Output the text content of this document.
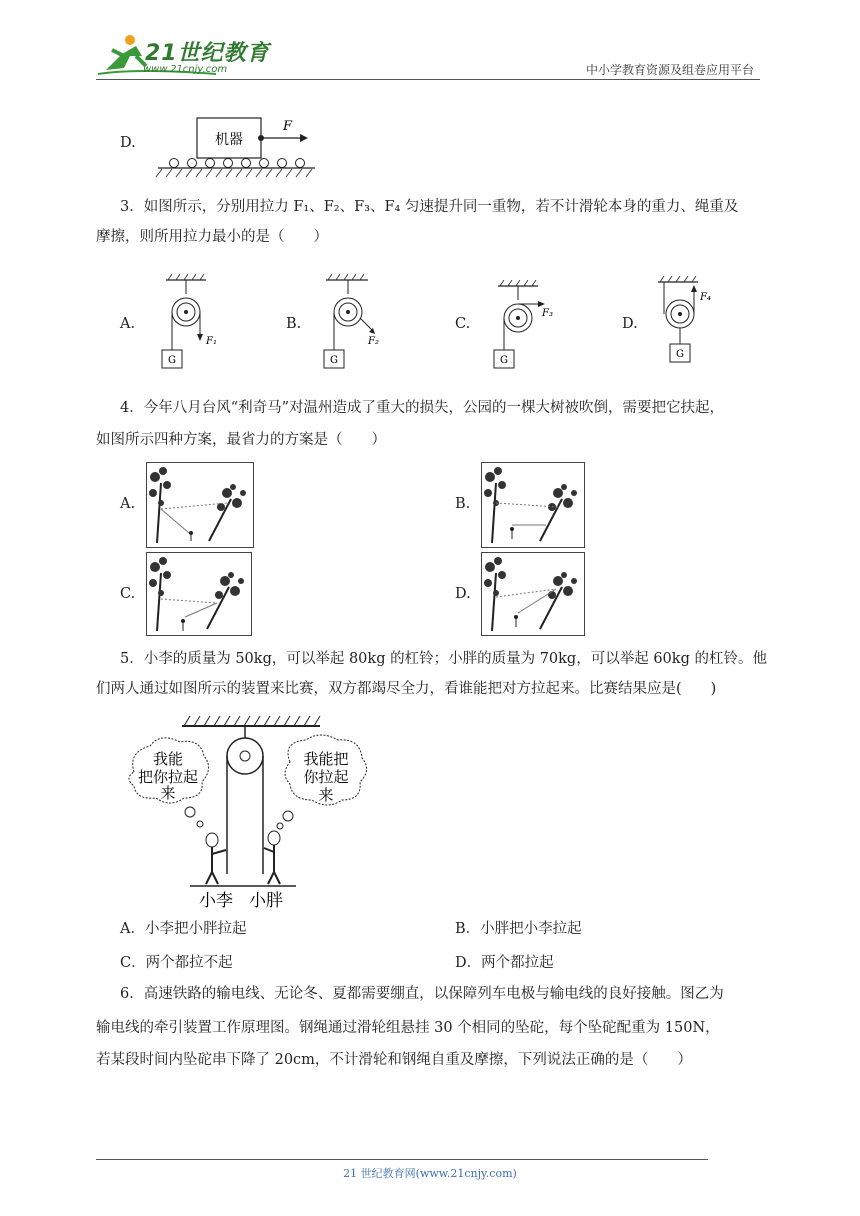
21世纪教育
www.21cnjy.com	中小学教育资源及组卷应用平台
D.	机器
F
3．如图所示，分别用拉力 F₁、F₂、F₃、F₄ 匀速提升同一重物，若不计滑轮本身的重力、绳重及
摩擦，则所用拉力最小的是（　　）
A.
F₁
G
B.
F₂
G
C.
F₃
G
D.
F₄
G
4．今年八月台风“利奇马”对温州造成了重大的损失，公园的一棵大树被吹倒，需要把它扶起，
如图所示四种方案，最省力的方案是（　　）
A.	B.
C.	D.
5．小李的质量为 50kg，可以举起 80kg 的杠铃；小胖的质量为 70kg，可以举起 60kg 的杠铃。他
们两人通过如图所示的装置来比赛，双方都竭尽全力，看谁能把对方拉起来。比赛结果应是(　　)
我能
把你拉起
来
我能把
你拉起
来
小李 小胖
A．小李把小胖拉起	B．小胖把小李拉起
C．两个都拉不起	D．两个都拉起
6．高速铁路的输电线、无论冬、夏都需要绷直，以保障列车电极与输电线的良好接触。图乙为
输电线的牵引装置工作原理图。钢绳通过滑轮组悬挂 30 个相同的坠砣，每个坠砣配重为 150N，
若某段时间内坠砣串下降了 20cm，不计滑轮和钢绳自重及摩擦，下列说法正确的是（　　）
21 世纪教育网(www.21cnjy.com)
